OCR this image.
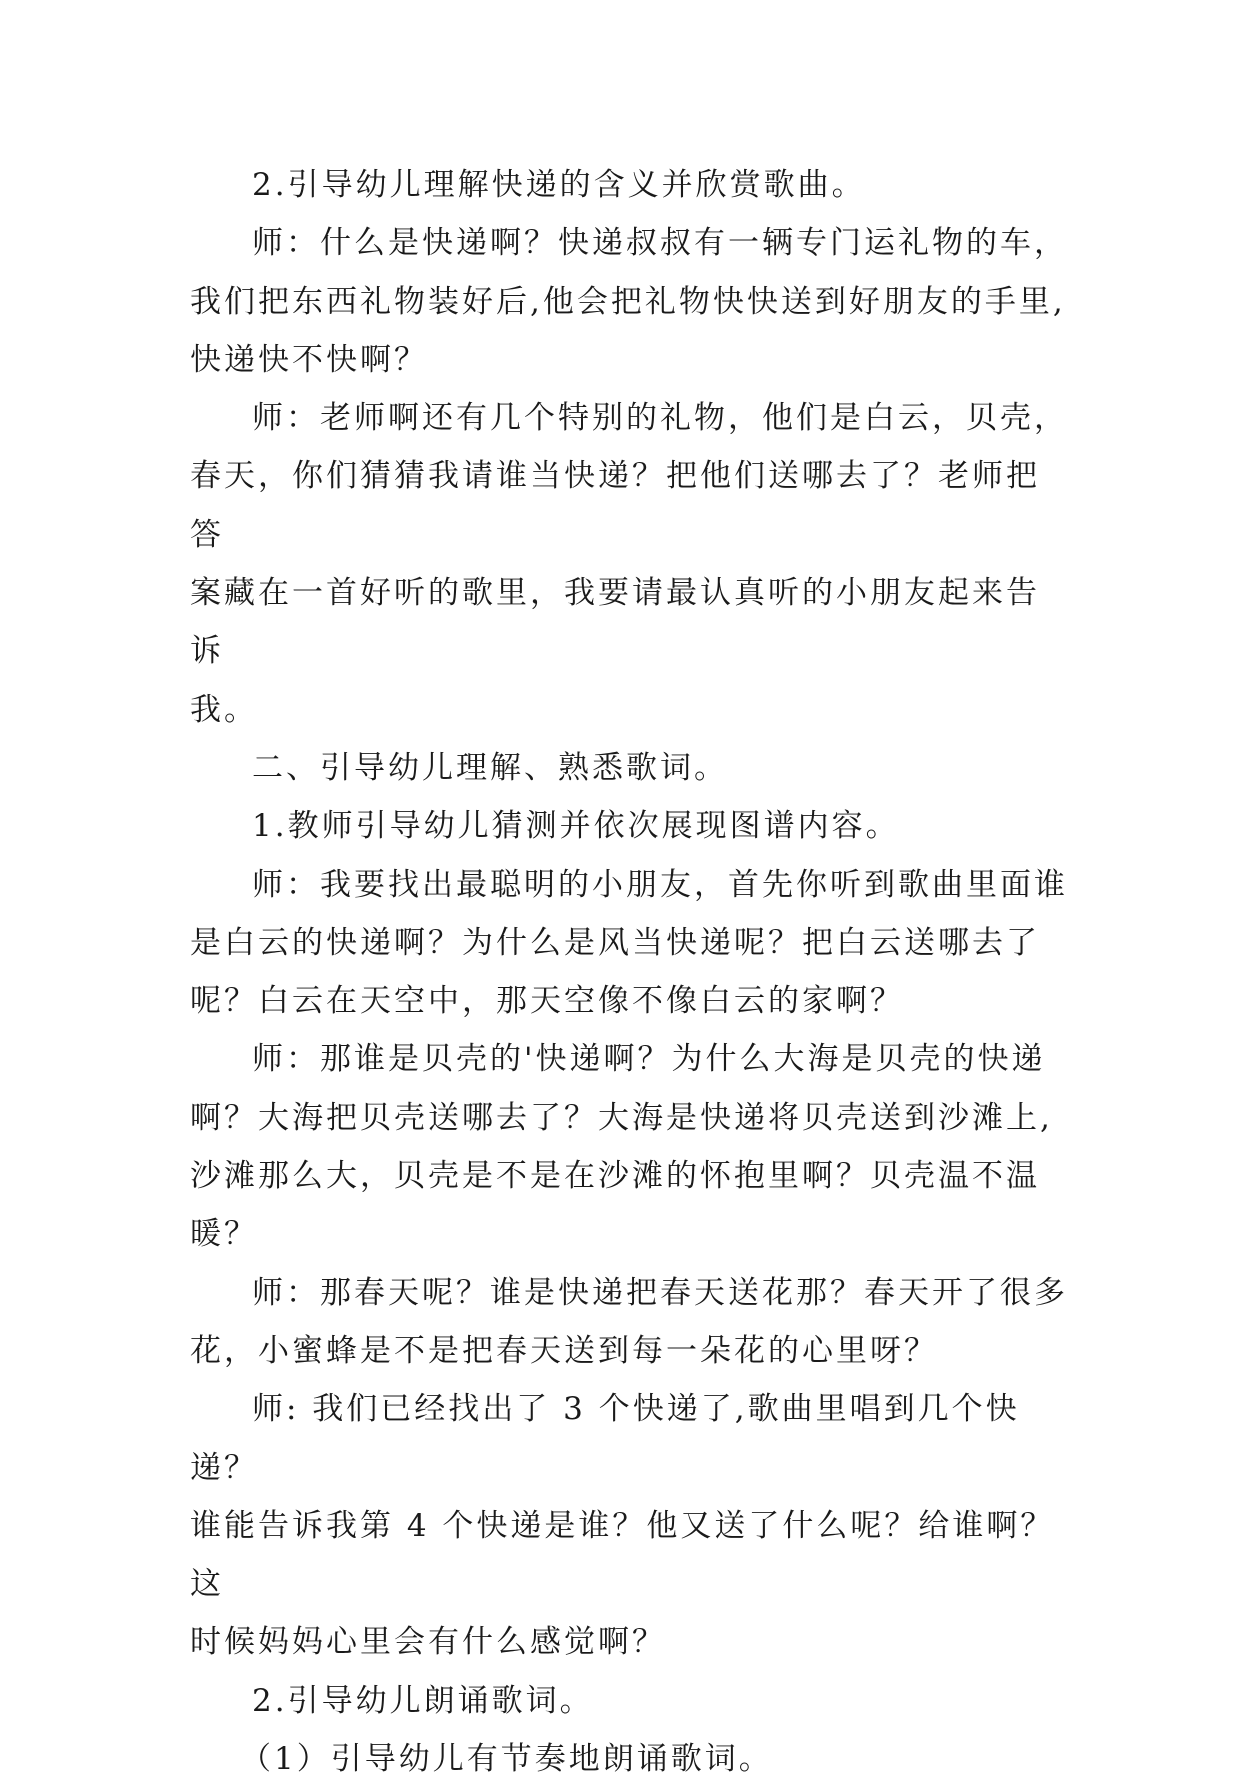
2.引导幼儿理解快递的含义并欣赏歌曲。

师：什么是快递啊？快递叔叔有一辆专门运礼物的车，
我们把东西礼物装好后,他会把礼物快快送到好朋友的手里,
快递快不快啊？

师：老师啊还有几个特别的礼物，他们是白云，贝壳，
春天，你们猜猜我请谁当快递？把他们送哪去了？老师把答
案藏在一首好听的歌里，我要请最认真听的小朋友起来告诉
我。

二、引导幼儿理解、熟悉歌词。

1.教师引导幼儿猜测并依次展现图谱内容。

师：我要找出最聪明的小朋友，首先你听到歌曲里面谁
是白云的快递啊？为什么是风当快递呢？把白云送哪去了
呢？白云在天空中，那天空像不像白云的家啊？

师：那谁是贝壳的'快递啊？为什么大海是贝壳的快递
啊？大海把贝壳送哪去了？大海是快递将贝壳送到沙滩上,
沙滩那么大，贝壳是不是在沙滩的怀抱里啊？贝壳温不温
暖？

师：那春天呢？谁是快递把春天送花那？春天开了很多
花，小蜜蜂是不是把春天送到每一朵花的心里呀？

师: 我们已经找出了 3 个快递了,歌曲里唱到几个快递？
谁能告诉我第 4 个快递是谁？他又送了什么呢？给谁啊？这
时候妈妈心里会有什么感觉啊？

2.引导幼儿朗诵歌词。

（1）引导幼儿有节奏地朗诵歌词。
